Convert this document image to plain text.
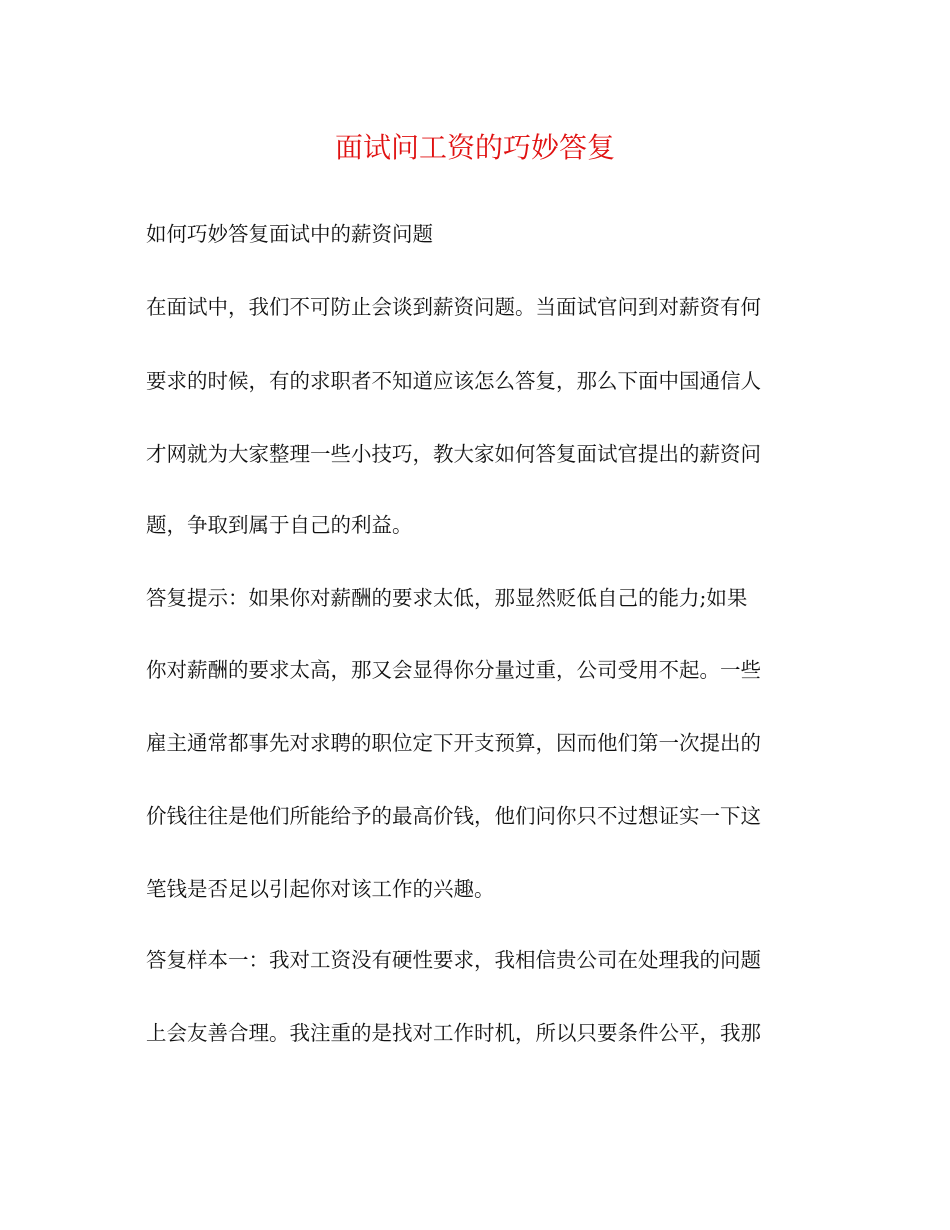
面试问工资的巧妙答复

如何巧妙答复面试中的薪资问题

在面试中，我们不可防止会谈到薪资问题。当面试官问到对薪资有何

要求的时候，有的求职者不知道应该怎么答复，那么下面中国通信人

才网就为大家整理一些小技巧，教大家如何答复面试官提出的薪资问

题，争取到属于自己的利益。

答复提示：如果你对薪酬的要求太低，那显然贬低自己的能力;如果

你对薪酬的要求太高，那又会显得你分量过重，公司受用不起。一些

雇主通常都事先对求聘的职位定下开支预算，因而他们第一次提出的

价钱往往是他们所能给予的最高价钱，他们问你只不过想证实一下这

笔钱是否足以引起你对该工作的兴趣。

答复样本一：我对工资没有硬性要求，我相信贵公司在处理我的问题

上会友善合理。我注重的是找对工作时机，所以只要条件公平，我那
